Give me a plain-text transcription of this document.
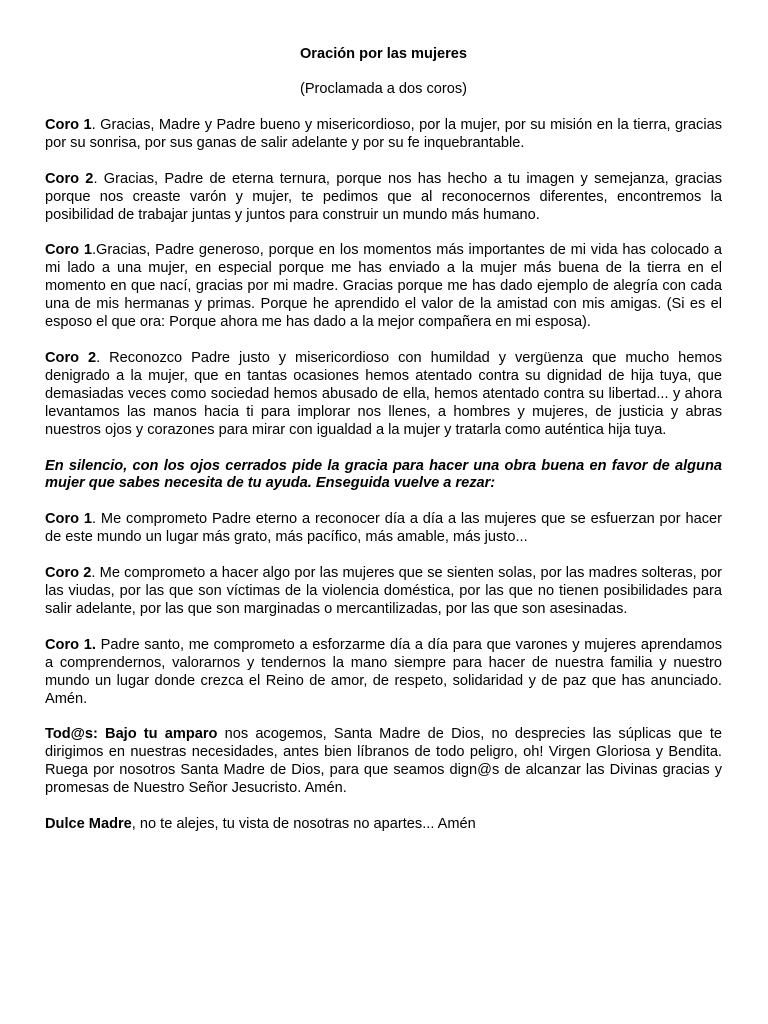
Oración por las mujeres

(Proclamada a dos coros)

Coro 1. Gracias, Madre y Padre bueno y misericordioso, por la mujer, por su misión en la tierra, gracias por su sonrisa, por sus ganas de salir adelante y por su fe inquebrantable.

Coro 2. Gracias, Padre de eterna ternura, porque nos has hecho a tu imagen y semejanza, gracias porque nos creaste varón y mujer, te pedimos que al reconocernos diferentes, encontremos la posibilidad de trabajar juntas y juntos para construir un mundo más humano.

Coro 1.Gracias, Padre generoso, porque en los momentos más importantes de mi vida has colocado a mi lado a una mujer, en especial porque me has enviado a la mujer más buena de la tierra en el momento en que nací, gracias por mi madre. Gracias porque me has dado ejemplo de alegría con cada una de mis hermanas y primas. Porque he aprendido el valor de la amistad con mis amigas. (Si es el esposo el que ora: Porque ahora me has dado a la mejor compañera en mi esposa).

Coro 2. Reconozco Padre justo y misericordioso con humildad y vergüenza que mucho hemos denigrado a la mujer, que en tantas ocasiones hemos atentado contra su dignidad de hija tuya, que demasiadas veces como sociedad hemos abusado de ella, hemos atentado contra su libertad... y ahora levantamos las manos hacia ti para implorar nos llenes, a hombres y mujeres, de justicia y abras nuestros ojos y corazones para mirar con igualdad a la mujer y tratarla como auténtica hija tuya.

En silencio, con los ojos cerrados pide la gracia para hacer una obra buena en favor de alguna mujer que sabes necesita de tu ayuda. Enseguida vuelve a rezar:

Coro 1. Me comprometo Padre eterno a reconocer día a día a las mujeres que se esfuerzan por hacer de este mundo un lugar más grato, más pacífico, más amable, más justo...

Coro 2. Me comprometo a hacer algo por las mujeres que se sienten solas, por las madres solteras, por las viudas, por las que son víctimas de la violencia doméstica, por las que no tienen posibilidades para salir adelante, por las que son marginadas o mercantilizadas, por las que son asesinadas.

Coro 1. Padre santo, me comprometo a esforzarme día a día para que varones y mujeres aprendamos a comprendernos, valorarnos y tendernos la mano siempre para hacer de nuestra familia y nuestro mundo un lugar donde crezca el Reino de amor, de respeto, solidaridad y de paz que has anunciado. Amén.

Tod@s: Bajo tu amparo nos acogemos, Santa Madre de Dios, no desprecies las súplicas que te dirigimos en nuestras necesidades, antes bien líbranos de todo peligro, oh! Virgen Gloriosa y Bendita. Ruega por nosotros Santa Madre de Dios, para que seamos dign@s de alcanzar las Divinas gracias y promesas de Nuestro Señor Jesucristo. Amén.

Dulce Madre, no te alejes, tu vista de nosotras no apartes... Amén
